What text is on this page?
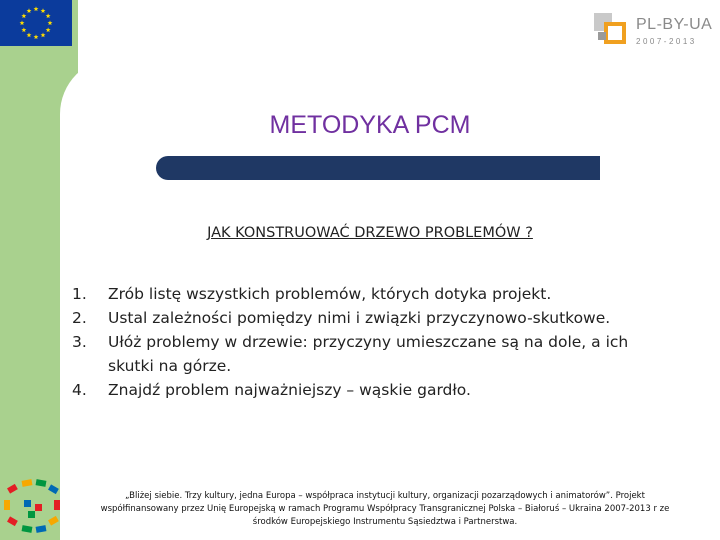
PL-BY-UA
2007-2013
METODYKA PCM
JAK KONSTRUOWAĆ DRZEWO PROBLEMÓW ?
1.	Zrób listę wszystkich problemów, których dotyka projekt.
2.	Ustal zależności pomiędzy nimi i związki przyczynowo-skutkowe.
3.	Ułóż problemy w drzewie: przyczyny umieszczane są na dole, a ich skutki na górze.
4.	Znajdź problem najważniejszy – wąskie gardło.
„Bliżej siebie. Trzy kultury, jedna Europa – współpraca instytucji kultury, organizacji pozarządowych i animatorów”. Projekt współfinansowany przez Unię Europejską w ramach Programu Współpracy Transgranicznej Polska – Białoruś – Ukraina 2007-2013 r ze środków Europejskiego Instrumentu Sąsiedztwa i Partnerstwa.
